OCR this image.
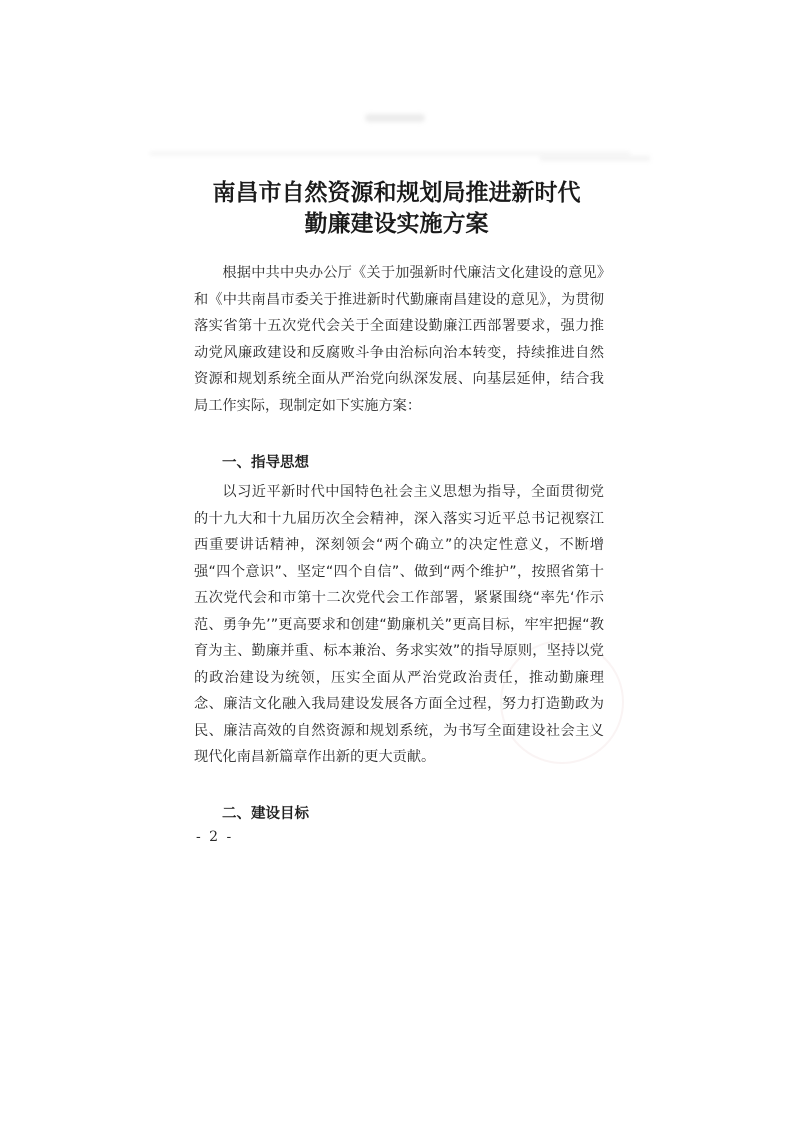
南昌市自然资源和规划局推进新时代
勤廉建设实施方案

根据中共中央办公厅《关于加强新时代廉洁文化建设的意见》和《中共南昌市委关于推进新时代勤廉南昌建设的意见》，为贯彻落实省第十五次党代会关于全面建设勤廉江西部署要求，强力推动党风廉政建设和反腐败斗争由治标向治本转变，持续推进自然资源和规划系统全面从严治党向纵深发展、向基层延伸，结合我局工作实际，现制定如下实施方案：

一、指导思想

以习近平新时代中国特色社会主义思想为指导，全面贯彻党的十九大和十九届历次全会精神，深入落实习近平总书记视察江西重要讲话精神，深刻领会“两个确立”的决定性意义，不断增强“四个意识”、坚定“四个自信”、做到“两个维护”，按照省第十五次党代会和市第十二次党代会工作部署，紧紧围绕“率先‘作示范、勇争先’”更高要求和创建“勤廉机关”更高目标，牢牢把握“教育为主、勤廉并重、标本兼治、务求实效”的指导原则，坚持以党的政治建设为统领，压实全面从严治党政治责任，推动勤廉理念、廉洁文化融入我局建设发展各方面全过程，努力打造勤政为民、廉洁高效的自然资源和规划系统，为书写全面建设社会主义现代化南昌新篇章作出新的更大贡献。

二、建设目标

- 2 -
